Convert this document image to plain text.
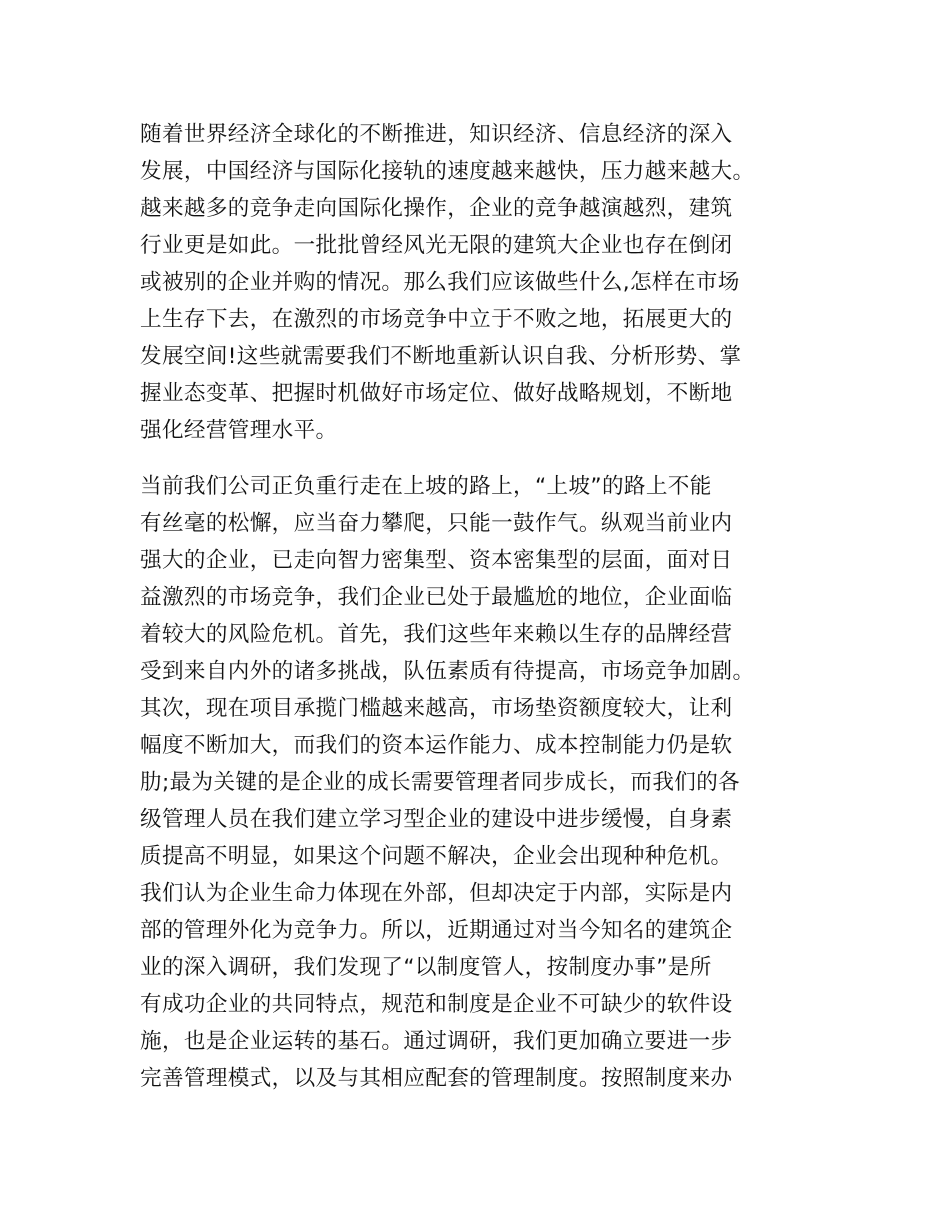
随着世界经济全球化的不断推进，知识经济、信息经济的深入
发展，中国经济与国际化接轨的速度越来越快，压力越来越大。
越来越多的竞争走向国际化操作，企业的竞争越演越烈，建筑
行业更是如此。一批批曾经风光无限的建筑大企业也存在倒闭
或被别的企业并购的情况。那么我们应该做些什么,怎样在市场
上生存下去，在激烈的市场竞争中立于不败之地，拓展更大的
发展空间!这些就需要我们不断地重新认识自我、分析形势、掌
握业态变革、把握时机做好市场定位、做好战略规划，不断地
强化经营管理水平。
当前我们公司正负重行走在上坡的路上，“上坡”的路上不能
有丝毫的松懈，应当奋力攀爬，只能一鼓作气。纵观当前业内
强大的企业，已走向智力密集型、资本密集型的层面，面对日
益激烈的市场竞争，我们企业已处于最尴尬的地位，企业面临
着较大的风险危机。首先，我们这些年来赖以生存的品牌经营
受到来自内外的诸多挑战，队伍素质有待提高，市场竞争加剧。
其次，现在项目承揽门槛越来越高，市场垫资额度较大，让利
幅度不断加大，而我们的资本运作能力、成本控制能力仍是软
肋;最为关键的是企业的成长需要管理者同步成长，而我们的各
级管理人员在我们建立学习型企业的建设中进步缓慢，自身素
质提高不明显，如果这个问题不解决，企业会出现种种危机。
我们认为企业生命力体现在外部，但却决定于内部，实际是内
部的管理外化为竞争力。所以，近期通过对当今知名的建筑企
业的深入调研，我们发现了“以制度管人，按制度办事”是所
有成功企业的共同特点，规范和制度是企业不可缺少的软件设
施，也是企业运转的基石。通过调研，我们更加确立要进一步
完善管理模式，以及与其相应配套的管理制度。按照制度来办
